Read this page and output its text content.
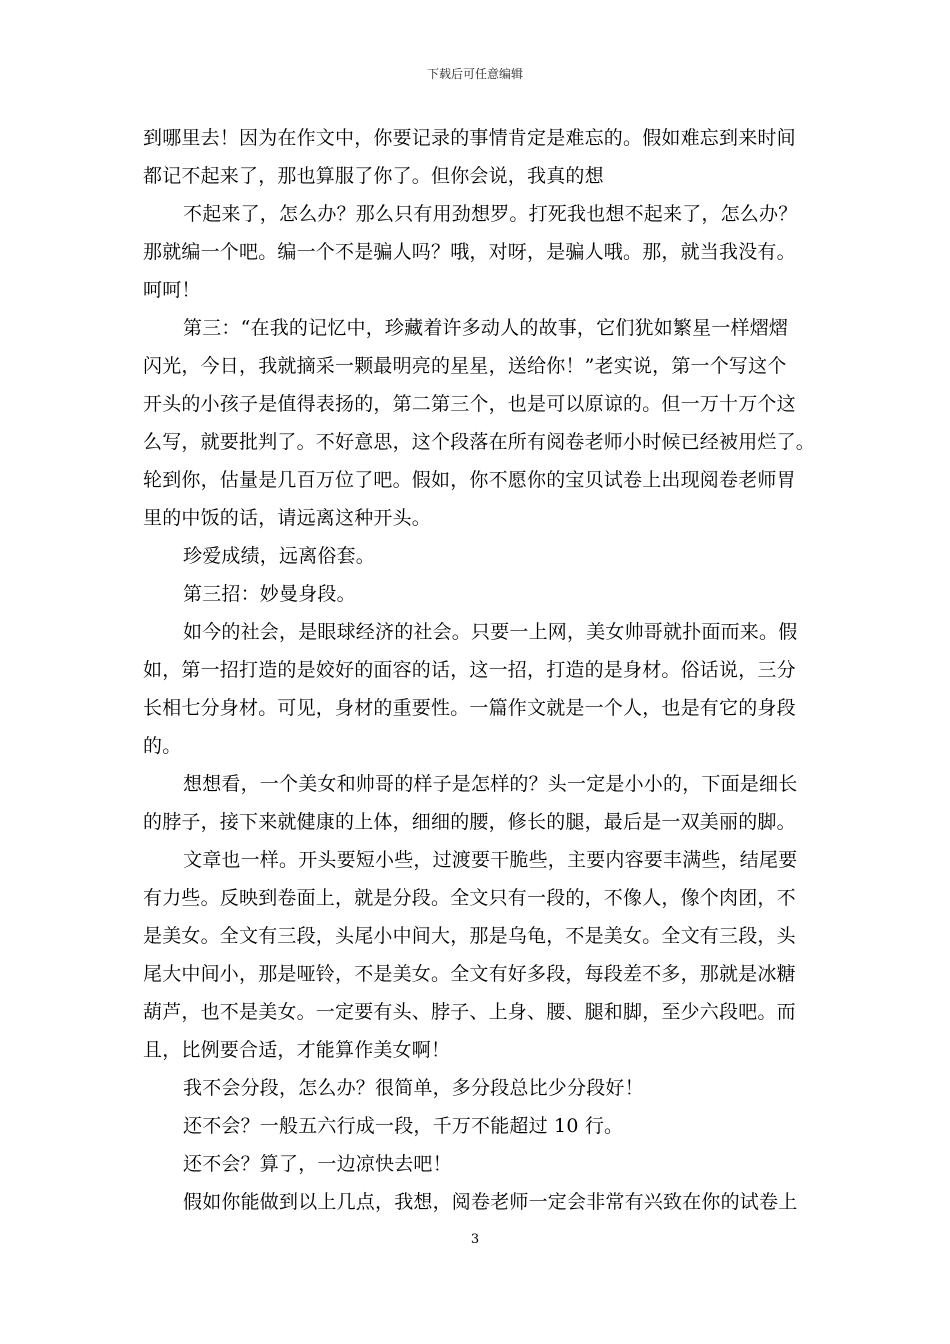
下载后可任意编辑
到哪里去！因为在作文中，你要记录的事情肯定是难忘的。假如难忘到来时间
都记不起来了，那也算服了你了。但你会说，我真的想
不起来了，怎么办？那么只有用劲想罗。打死我也想不起来了，怎么办？
那就编一个吧。编一个不是骗人吗？哦，对呀，是骗人哦。那，就当我没有。
呵呵！
第三：“在我的记忆中，珍藏着许多动人的故事，它们犹如繁星一样熠熠
闪光，今日，我就摘采一颗最明亮的星星，送给你！”老实说，第一个写这个
开头的小孩子是值得表扬的，第二第三个，也是可以原谅的。但一万十万个这
么写，就要批判了。不好意思，这个段落在所有阅卷老师小时候已经被用烂了。
轮到你，估量是几百万位了吧。假如，你不愿你的宝贝试卷上出现阅卷老师胃
里的中饭的话，请远离这种开头。
珍爱成绩，远离俗套。
第三招：妙曼身段。
如今的社会，是眼球经济的社会。只要一上网，美女帅哥就扑面而来。假
如，第一招打造的是姣好的面容的话，这一招，打造的是身材。俗话说，三分
长相七分身材。可见，身材的重要性。一篇作文就是一个人，也是有它的身段
的。
想想看，一个美女和帅哥的样子是怎样的？头一定是小小的，下面是细长
的脖子，接下来就健康的上体，细细的腰，修长的腿，最后是一双美丽的脚。
文章也一样。开头要短小些，过渡要干脆些，主要内容要丰满些，结尾要
有力些。反映到卷面上，就是分段。全文只有一段的，不像人，像个肉团，不
是美女。全文有三段，头尾小中间大，那是乌龟，不是美女。全文有三段，头
尾大中间小，那是哑铃，不是美女。全文有好多段，每段差不多，那就是冰糖
葫芦，也不是美女。一定要有头、脖子、上身、腰、腿和脚，至少六段吧。而
且，比例要合适，才能算作美女啊！
我不会分段，怎么办？很简单，多分段总比少分段好！
还不会？一般五六行成一段，千万不能超过 10 行。
还不会？算了，一边凉快去吧！
假如你能做到以上几点，我想，阅卷老师一定会非常有兴致在你的试卷上
3
